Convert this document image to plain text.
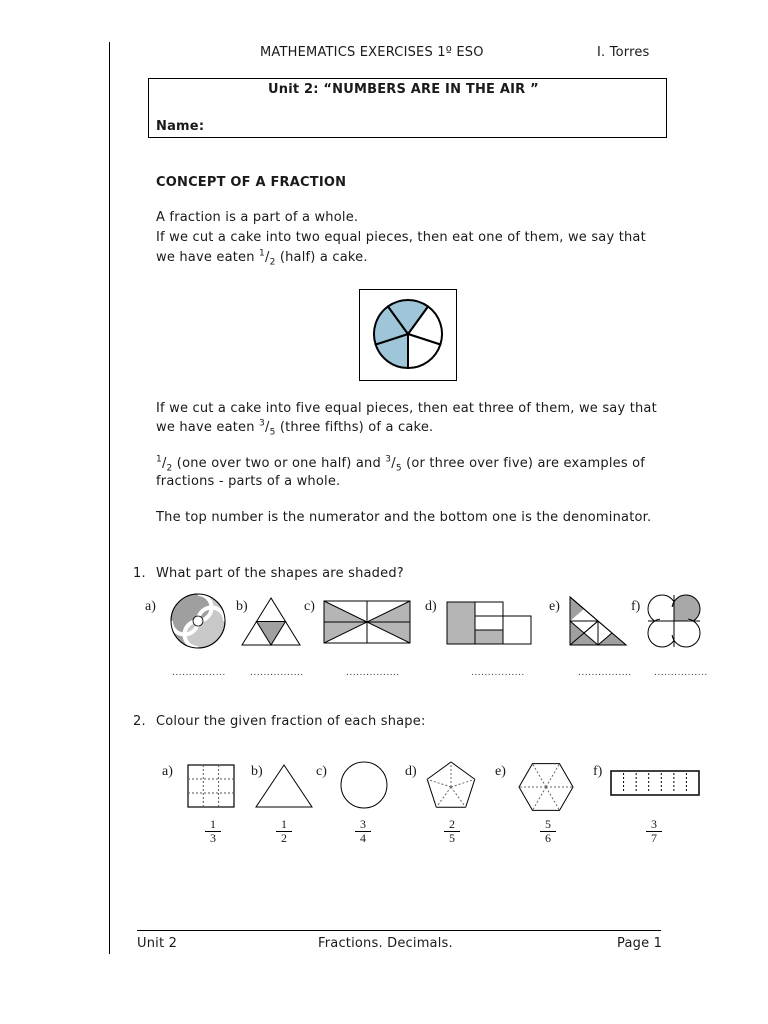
MATHEMATICS EXERCISES 1º ESO	I. Torres
Unit 2: “NUMBERS ARE IN THE AIR ”
Name:
CONCEPT OF A FRACTION
A fraction is a part of a whole.
If we cut a cake into two equal pieces, then eat one of them, we say that
we have eaten $^1/_2$ (half) a cake.
If we cut a cake into five equal pieces, then eat three of them, we say that
we have eaten $^3/_5$ (three fifths) of a cake.
$^1/_2$ (one over two or one half) and $^3/_5$ (or three over five) are examples of
fractions - parts of a whole.
The top number is the numerator and the bottom one is the denominator.
1. What part of the shapes are shaded?
a)	b)	c)	d)	e)	f)
................	................	................	................	................ ................
2. Colour the given fraction of each shape:
a)	b)	c)	d)	e)	f)
$\frac{1}{3}$	$\frac{1}{2}$	$\frac{3}{4}$	$\frac{2}{5}$	$\frac{5}{6}$	$\frac{3}{7}$
Unit 2	Fractions. Decimals.	Page 1
